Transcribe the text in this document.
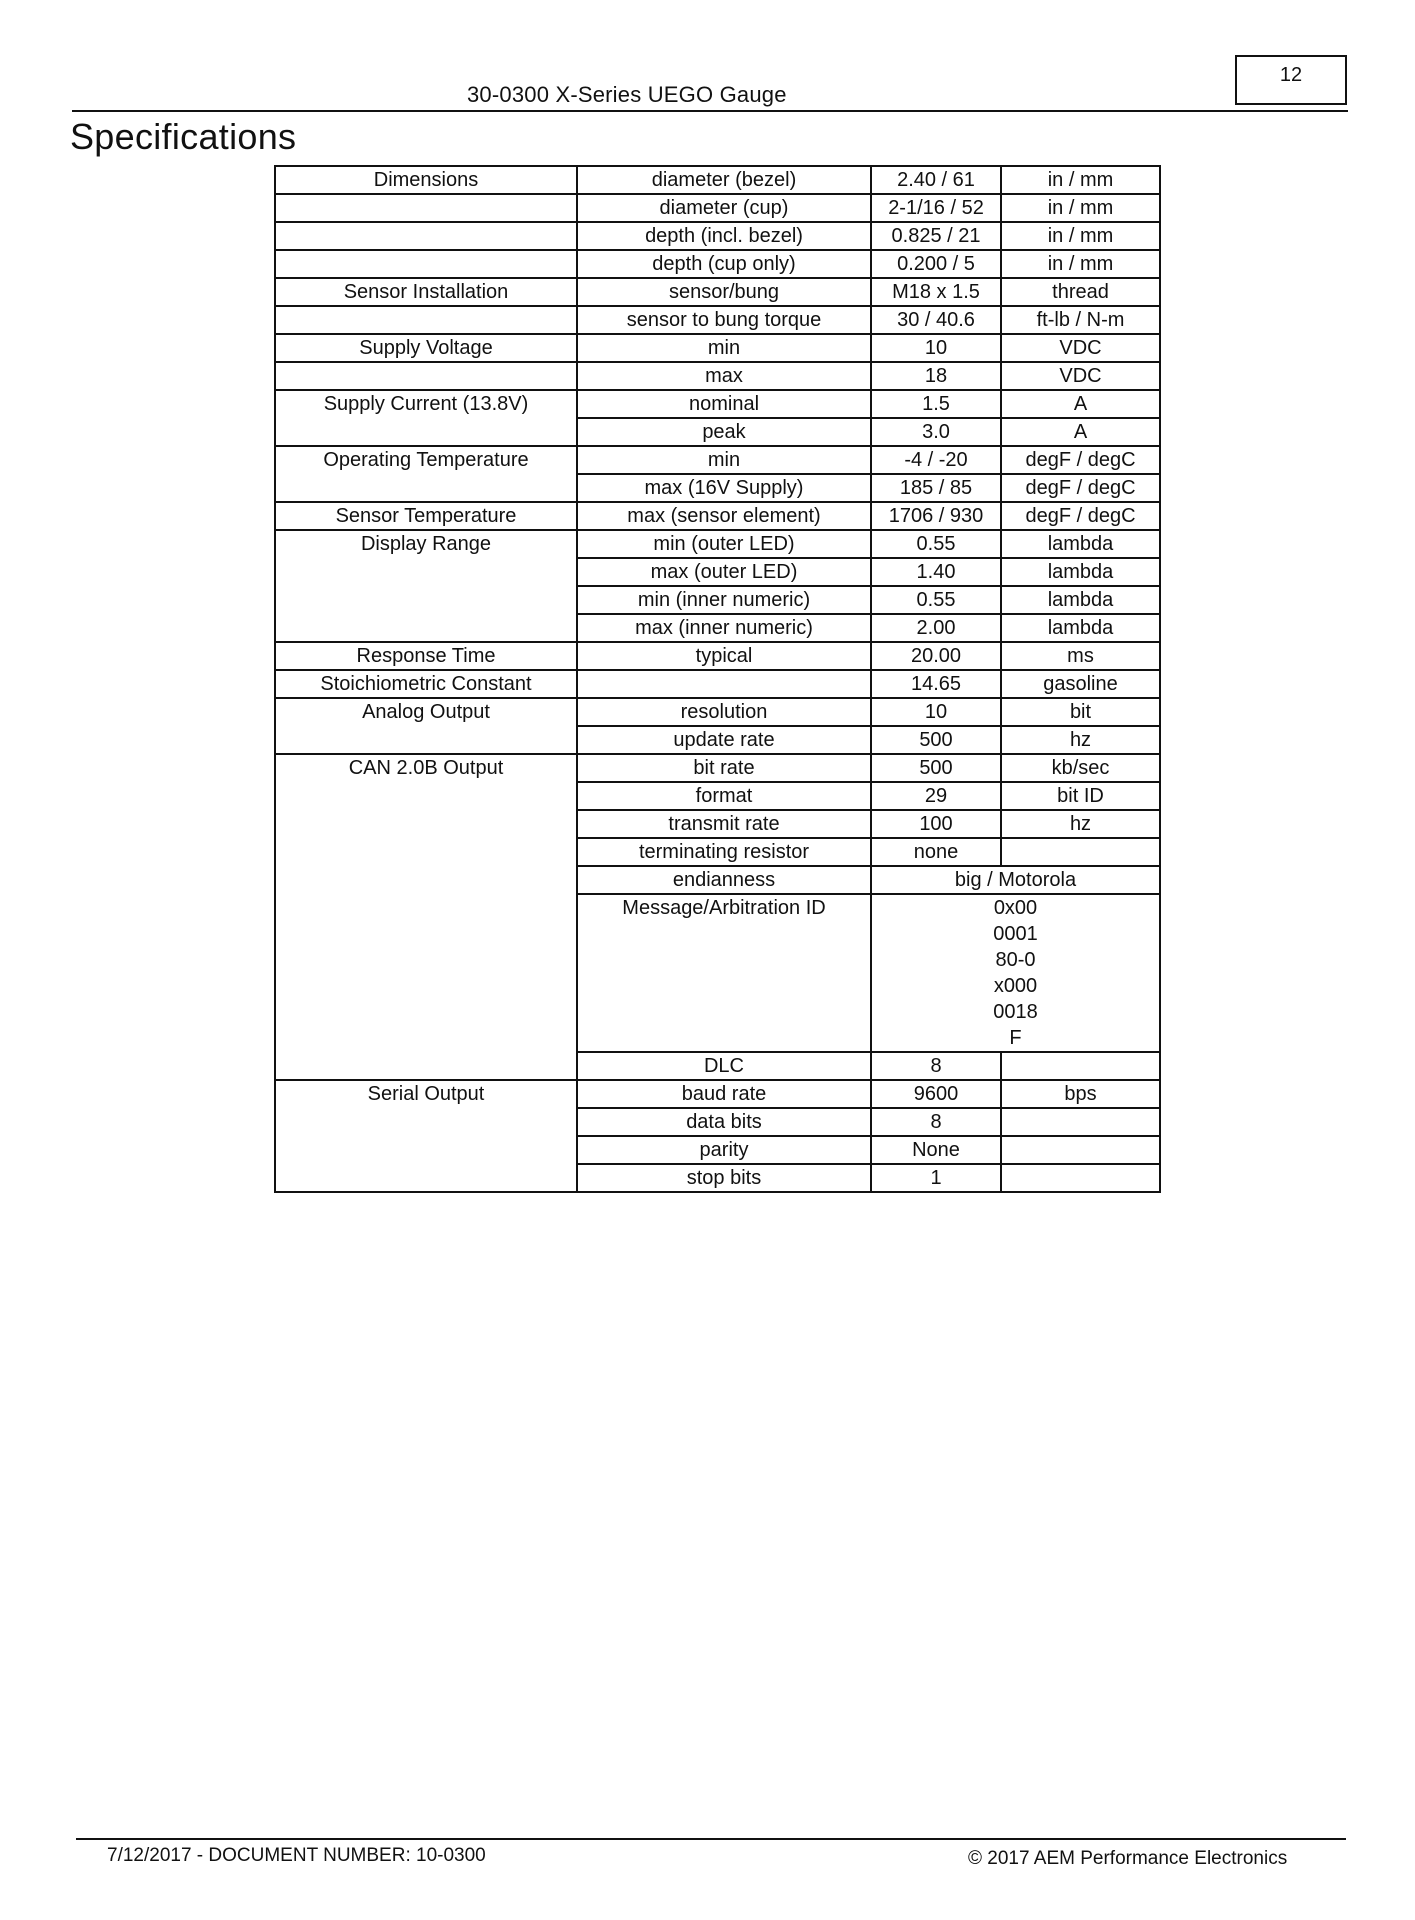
30-0300 X-Series UEGO Gauge
12
Specifications
Dimensions	diameter (bezel)	2.40 / 61	in / mm
	diameter (cup)	2-1/16 / 52	in / mm
	depth (incl. bezel)	0.825 / 21	in / mm
	depth (cup only)	0.200 / 5	in / mm
Sensor Installation	sensor/bung	M18 x 1.5	thread
	sensor to bung torque	30 / 40.6	ft-lb / N-m
Supply Voltage	min	10	VDC
	max	18	VDC
Supply Current (13.8V)	nominal	1.5	A
	peak	3.0	A
Operating Temperature	min	-4 / -20	degF / degC
	max (16V Supply)	185 / 85	degF / degC
Sensor Temperature	max (sensor element)	1706 / 930	degF / degC
Display Range	min (outer LED)	0.55	lambda
	max (outer LED)	1.40	lambda
	min (inner numeric)	0.55	lambda
	max (inner numeric)	2.00	lambda
Response Time	typical	20.00	ms
Stoichiometric Constant		14.65	gasoline
Analog Output	resolution	10	bit
	update rate	500	hz
CAN 2.0B Output	bit rate	500	kb/sec
	format	29	bit ID
	transmit rate	100	hz
	terminating resistor	none	
	endianness	big / Motorola	
	Message/Arbitration ID	0x00000180-0x0000018F	
	DLC	8	
Serial Output	baud rate	9600	bps
	data bits	8	
	parity	None	
	stop bits	1	
7/12/2017 - DOCUMENT NUMBER: 10-0300	© 2017 AEM Performance Electronics
